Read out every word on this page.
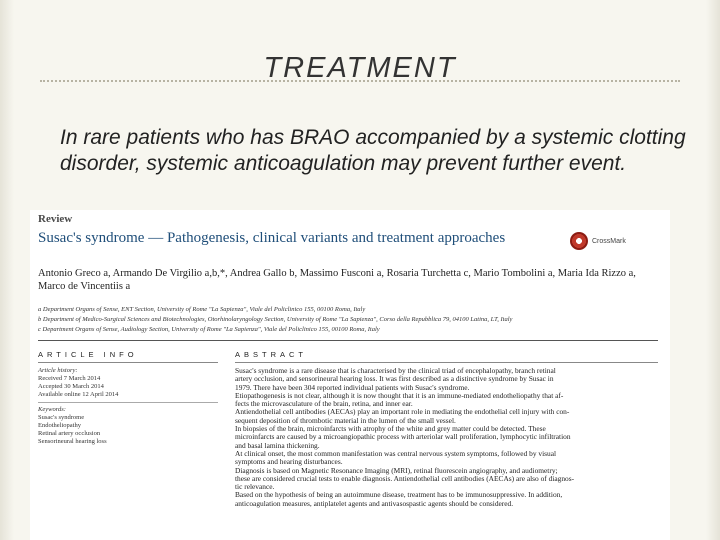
TREATMENT

In rare patients who has BRAO accompanied by a systemic clotting disorder, systemic anticoagulation may prevent further event.

Review
Susac's syndrome — Pathogenesis, clinical variants and treatment approaches	CrossMark

Antonio Greco a, Armando De Virgilio a,b,*, Andrea Gallo b, Massimo Fusconi a, Rosaria Turchetta c, Mario Tombolini a, Maria Ida Rizzo a, Marco de Vincentiis a

a Department Organs of Sense, ENT Section, University of Rome "La Sapienza", Viale del Policlinico 155, 00100 Roma, Italy
b Department of Medico-Surgical Sciences and Biotechnologies, Otorhinolaryngology Section, University of Rome "La Sapienza", Corso della Repubblica 79, 04100 Latina, LT, Italy
c Department Organs of Sense, Audiology Section, University of Rome "La Sapienza", Viale del Policlinico 155, 00100 Roma, Italy
ARTICLE INFO	ABSTRACT
Article history:
Received 7 March 2014
Accepted 30 March 2014
Available online 12 April 2014
Keywords:
Susac's syndrome
Endotheliopathy
Retinal artery occlusion
Sensorineural hearing loss
Susac's syndrome is a rare disease that is characterised by the clinical triad of encephalopathy, branch retinal
artery occlusion, and sensorineural hearing loss. It was first described as a distinctive syndrome by Susac in
1979. There have been 304 reported individual patients with Susac's syndrome.
Etiopathogenesis is not clear, although it is now thought that it is an immune-mediated endotheliopathy that af-
fects the microvasculature of the brain, retina, and inner ear.
Antiendothelial cell antibodies (AECAs) play an important role in mediating the endothelial cell injury with con-
sequent deposition of thrombotic material in the lumen of the small vessel.
In biopsies of the brain, microinfarcts with atrophy of the white and grey matter could be detected. These
microinfarcts are caused by a microangiopathic process with arteriolar wall proliferation, lymphocytic infiltration
and basal lamina thickening.
At clinical onset, the most common manifestation was central nervous system symptoms, followed by visual
symptoms and hearing disturbances.
Diagnosis is based on Magnetic Resonance Imaging (MRI), retinal fluorescein angiography, and audiometry;
these are considered crucial tests to enable diagnosis. Antiendothelial cell antibodies (AECAs) are also of diagnos-
tic relevance.
Based on the hypothesis of being an autoimmune disease, treatment has to be immunosuppressive. In addition,
anticoagulation measures, antiplatelet agents and antivasospastic agents should be considered.
